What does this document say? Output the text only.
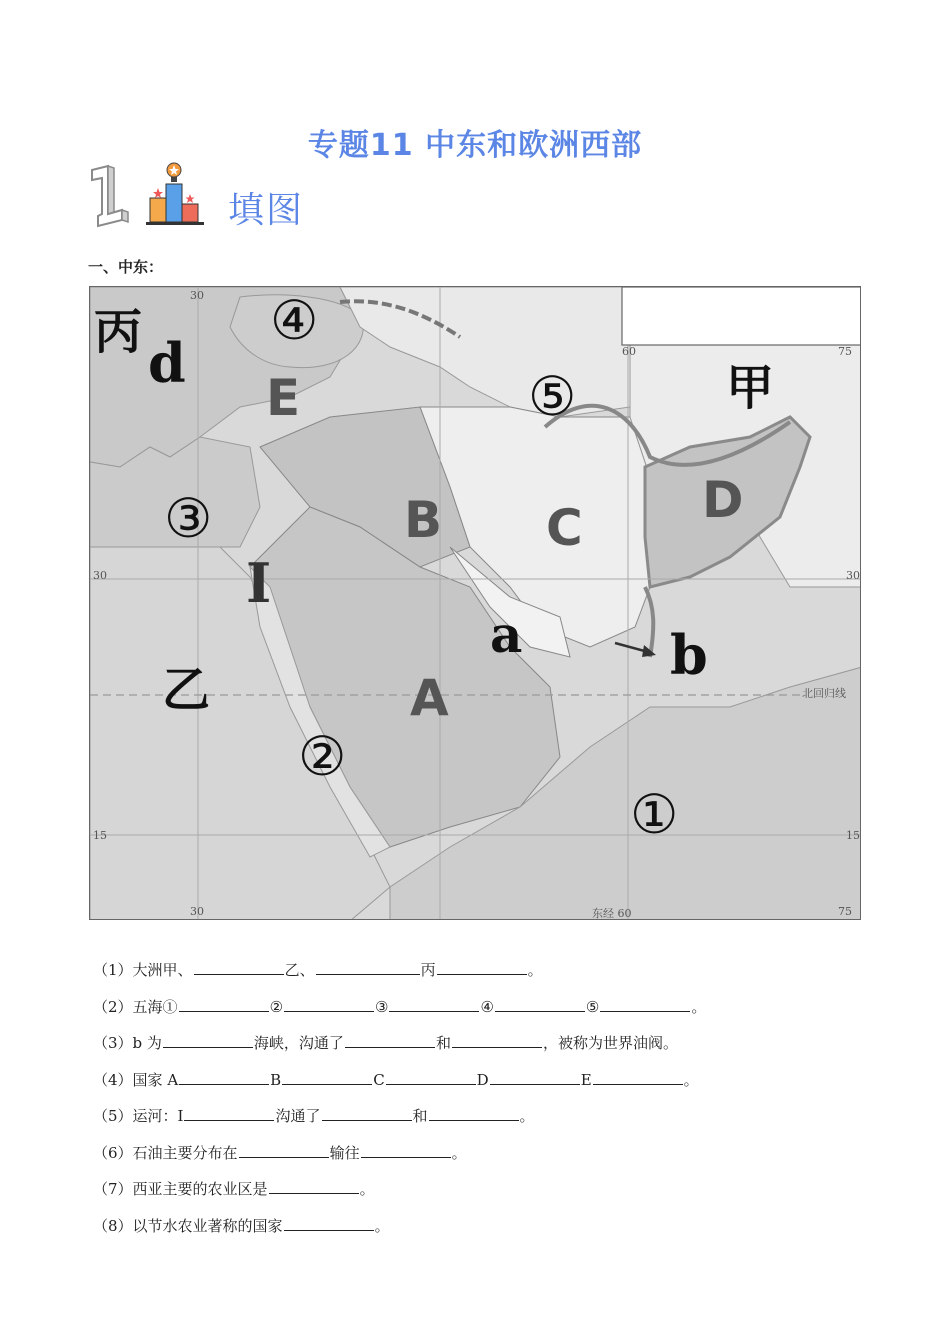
专题11 中东和欧洲西部
填图
一、中东：
30
60	75
30	30
15	15
30	东经 60	75
北回归线
丙
甲
乙
④
⑤
③
②
①
E
B C D
A
d
I
a	b
（1）大洲甲、	乙、	丙	。
（2）五海①	②	③	④	⑤	。
（3）b 为	海峡，沟通了	和	，被称为世界油阀。
（4）国家 A	B	C	D	E	。
（5）运河：I	沟通了	和	。
（6）石油主要分布在	输往	。
（7）西亚主要的农业区是	。
（8）以节水农业著称的国家	。
